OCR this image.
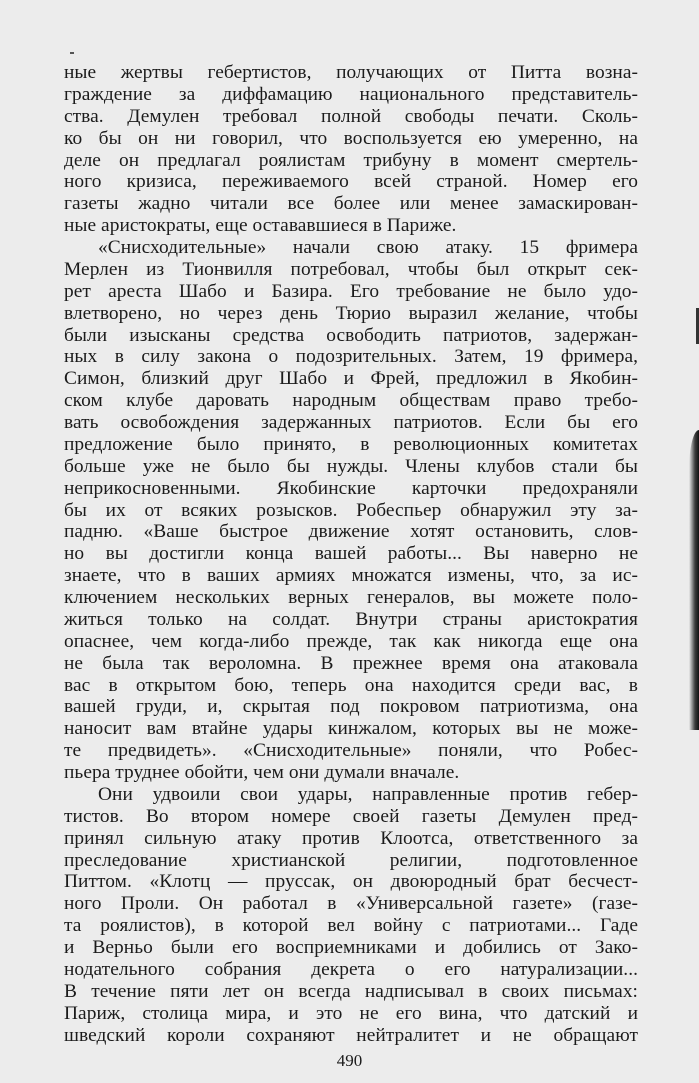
ные жертвы гебертистов, получающих от Питта возна-
граждение за диффамацию национального представитель-
ства. Демулен требовал полной свободы печати. Сколь-
ко бы он ни говорил, что воспользуется ею умеренно, на
деле он предлагал роялистам трибуну в момент смертель-
ного кризиса, переживаемого всей страной. Номер его
газеты жадно читали все более или менее замаскирован-
ные аристократы, еще остававшиеся в Париже.
«Снисходительные» начали свою атаку. 15 фримера
Мерлен из Тионвилля потребовал, чтобы был открыт сек-
рет ареста Шабо и Базира. Его требование не было удо-
влетворено, но через день Тюрио выразил желание, чтобы
были изысканы средства освободить патриотов, задержан-
ных в силу закона о подозрительных. Затем, 19 фримера,
Симон, близкий друг Шабо и Фрей, предложил в Якобин-
ском клубе даровать народным обществам право требо-
вать освобождения задержанных патриотов. Если бы его
предложение было принято, в революционных комитетах
больше уже не было бы нужды. Члены клубов стали бы
неприкосновенными. Якобинские карточки предохраняли
бы их от всяких розысков. Робеспьер обнаружил эту за-
падню. «Ваше быстрое движение хотят остановить, слов-
но вы достигли конца вашей работы... Вы наверно не
знаете, что в ваших армиях множатся измены, что, за ис-
ключением нескольких верных генералов, вы можете поло-
житься только на солдат. Внутри страны аристократия
опаснее, чем когда-либо прежде, так как никогда еще она
не была так вероломна. В прежнее время она атаковала
вас в открытом бою, теперь она находится среди вас, в
вашей груди, и, скрытая под покровом патриотизма, она
наносит вам втайне удары кинжалом, которых вы не може-
те предвидеть». «Снисходительные» поняли, что Робес-
пьера труднее обойти, чем они думали вначале.
Они удвоили свои удары, направленные против гебер-
тистов. Во втором номере своей газеты Демулен пред-
принял сильную атаку против Клоотса, ответственного за
преследование христианской религии, подготовленное
Питтом. «Клотц — пруссак, он двоюродный брат бесчест-
ного Проли. Он работал в «Универсальной газете» (газе-
та роялистов), в которой вел войну с патриотами... Гаде
и Верньо были его восприемниками и добились от Зако-
нодательного собрания декрета о его натурализации...
В течение пяти лет он всегда надписывал в своих письмах:
Париж, столица мира, и это не его вина, что датский и
шведский короли сохраняют нейтралитет и не обращают
490
